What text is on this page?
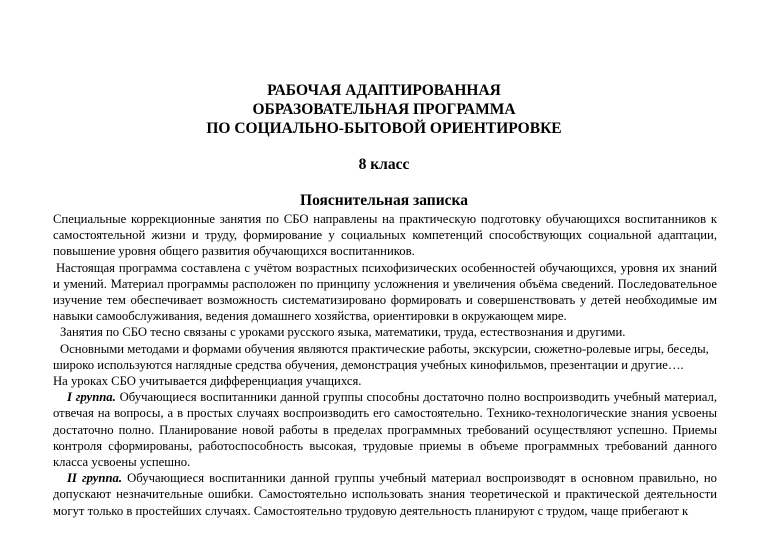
РАБОЧАЯ АДАПТИРОВАННАЯ

ОБРАЗОВАТЕЛЬНАЯ ПРОГРАММА

ПО СОЦИАЛЬНО-БЫТОВОЙ ОРИЕНТИРОВКЕ

8 класс

Пояснительная записка

Специальные коррекционные занятия по СБО направлены на практическую подготовку обучающихся воспитанников к самостоятельной жизни и труду, формирование у социальных компетенций способствующих социальной адаптации, повышение уровня общего развития обучающихся воспитанников.

Настоящая программа составлена с учётом возрастных психофизических особенностей обучающихся, уровня их знаний и умений. Материал программы расположен по принципу усложнения и увеличения объёма сведений. Последовательное изучение тем обеспечивает возможность систематизировано формировать и совершенствовать у детей необходимые им навыки самообслуживания, ведения домашнего хозяйства, ориентировки в окружающем мире.

Занятия по СБО тесно связаны с уроками русского языка, математики, труда, естествознания и другими.

Основными методами и формами обучения являются практические работы, экскурсии, сюжетно-ролевые игры, беседы, широко используются наглядные средства обучения, демонстрация учебных кинофильмов, презентации и другие….

На уроках СБО учитывается дифференциация учащихся.

I группа. Обучающиеся воспитанники данной группы способны достаточно полно воспроизводить учебный материал, отвечая на вопросы, а в простых случаях воспроизводить его самостоятельно. Технико-технологические знания усвоены достаточно полно. Планирование новой работы в пределах программных требований осуществляют успешно. Приемы контроля сформированы, работоспособность высокая, трудовые приемы в объеме программных требований данного класса усвоены успешно.

II группа. Обучающиеся воспитанники данной группы учебный материал воспроизводят в основном правильно, но допускают незначительные ошибки. Самостоятельно использовать знания теоретической и практической деятельности могут только в простейших случаях. Самостоятельно трудовую деятельность планируют с трудом, чаще прибегают к
